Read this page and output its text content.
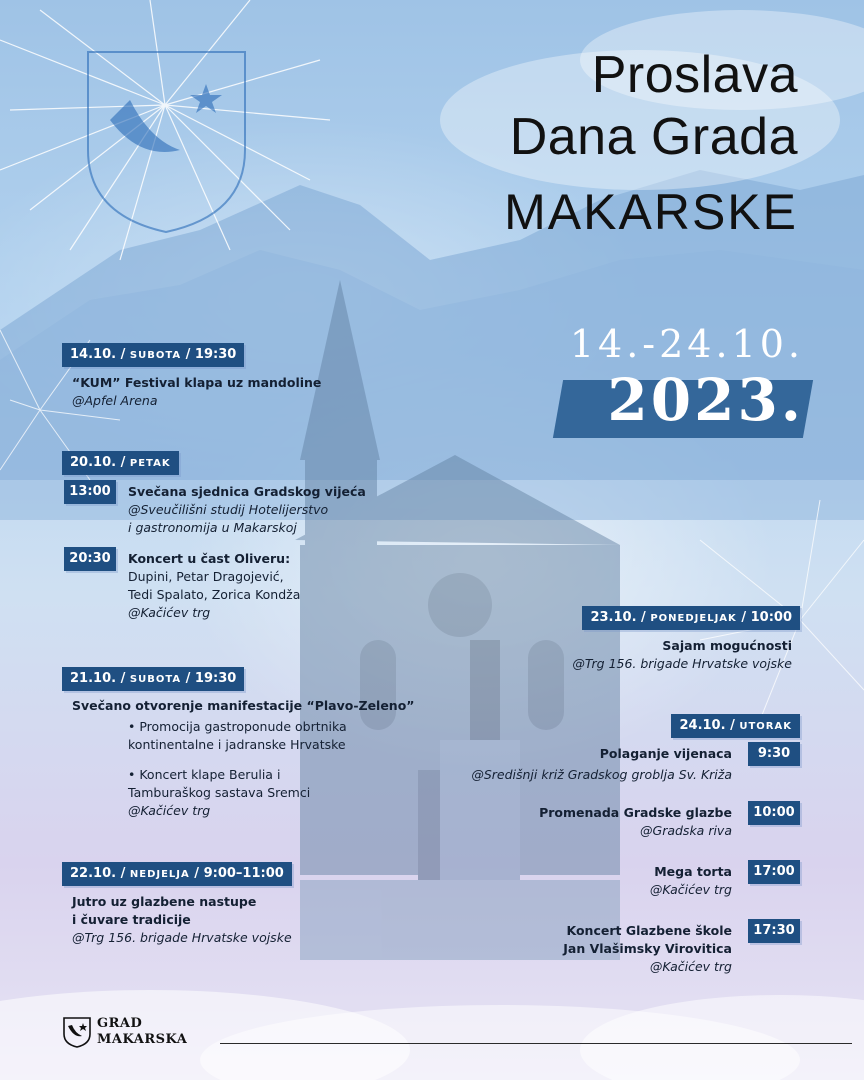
Proslava
Dana Grada
MAKARSKE
14.-24.10.
2023.
14.10. / SUBOTA / 19:30
“KUM” Festival klapa uz mandoline
@Apfel Arena
20.10. / PETAK
13:00	Svečana sjednica Gradskog vijeća
@Sveučilišni studij Hotelijerstvo
i gastronomija u Makarskoj
20:30	Koncert u čast Oliveru:
Dupini, Petar Dragojević,
Tedi Spalato, Zorica Kondža
@Kačićev trg
21.10. / SUBOTA / 19:30
Svečano otvorenje manifestacije “Plavo-Zeleno”
• Promocija gastroponude obrtnika
kontinentalne i jadranske Hrvatske
• Koncert klape Berulia i
Tamburaškog sastava Sremci
@Kačićev trg
22.10. / NEDJELJA / 9:00–11:00
Jutro uz glazbene nastupe
i čuvare tradicije
@Trg 156. brigade Hrvatske vojske
23.10. / PONEDJELJAK / 10:00
Sajam mogućnosti
@Trg 156. brigade Hrvatske vojske
24.10. / UTORAK
9:30
Polaganje vijenaca
@Središnji križ Gradskog groblja Sv. Križa
10:00
Promenada Gradske glazbe
@Gradska riva
17:00
Mega torta
@Kačićev trg
17:30
Koncert Glazbene škole
Jan Vlašimsky Virovitica
@Kačićev trg
GRAD
MAKARSKA
